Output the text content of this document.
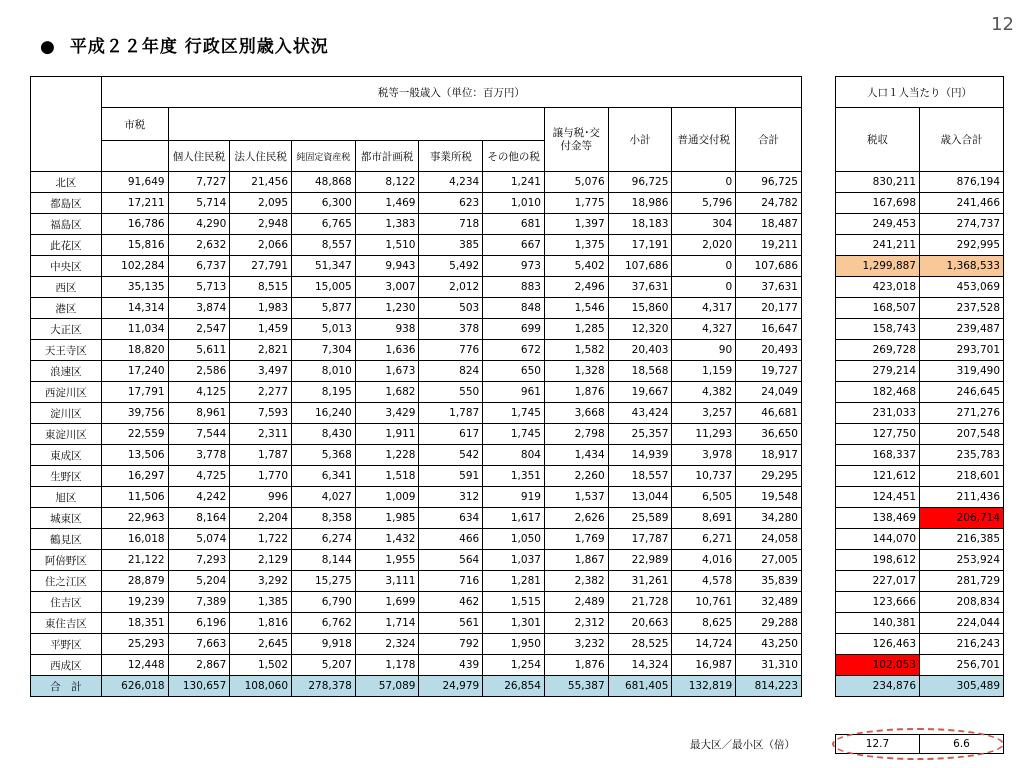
12
● 平成２２年度 行政区別歳入状況
	税等一般歳入（単位：百万円）										
	市税							譲与税･交付金等	小計	普通交付税	合計
		個人住民税	法人住民税	純固定資産税	都市計画税	事業所税	その他の税				
北区	91,649	7,727	21,456	48,868	8,122	4,234	1,241	5,076	96,725	0	96,725
都島区	17,211	5,714	2,095	6,300	1,469	623	1,010	1,775	18,986	5,796	24,782
福島区	16,786	4,290	2,948	6,765	1,383	718	681	1,397	18,183	304	18,487
此花区	15,816	2,632	2,066	8,557	1,510	385	667	1,375	17,191	2,020	19,211
中央区	102,284	6,737	27,791	51,347	9,943	5,492	973	5,402	107,686	0	107,686
西区	35,135	5,713	8,515	15,005	3,007	2,012	883	2,496	37,631	0	37,631
港区	14,314	3,874	1,983	5,877	1,230	503	848	1,546	15,860	4,317	20,177
大正区	11,034	2,547	1,459	5,013	938	378	699	1,285	12,320	4,327	16,647
天王寺区	18,820	5,611	2,821	7,304	1,636	776	672	1,582	20,403	90	20,493
浪速区	17,240	2,586	3,497	8,010	1,673	824	650	1,328	18,568	1,159	19,727
西淀川区	17,791	4,125	2,277	8,195	1,682	550	961	1,876	19,667	4,382	24,049
淀川区	39,756	8,961	7,593	16,240	3,429	1,787	1,745	3,668	43,424	3,257	46,681
東淀川区	22,559	7,544	2,311	8,430	1,911	617	1,745	2,798	25,357	11,293	36,650
東成区	13,506	3,778	1,787	5,368	1,228	542	804	1,434	14,939	3,978	18,917
生野区	16,297	4,725	1,770	6,341	1,518	591	1,351	2,260	18,557	10,737	29,295
旭区	11,506	4,242	996	4,027	1,009	312	919	1,537	13,044	6,505	19,548
城東区	22,963	8,164	2,204	8,358	1,985	634	1,617	2,626	25,589	8,691	34,280
鶴見区	16,018	5,074	1,722	6,274	1,432	466	1,050	1,769	17,787	6,271	24,058
阿倍野区	21,122	7,293	2,129	8,144	1,955	564	1,037	1,867	22,989	4,016	27,005
住之江区	28,879	5,204	3,292	15,275	3,111	716	1,281	2,382	31,261	4,578	35,839
住吉区	19,239	7,389	1,385	6,790	1,699	462	1,515	2,489	21,728	10,761	32,489
東住吉区	18,351	6,196	1,816	6,762	1,714	561	1,301	2,312	20,663	8,625	29,288
平野区	25,293	7,663	2,645	9,918	2,324	792	1,950	3,232	28,525	14,724	43,250
西成区	12,448	2,867	1,502	5,207	1,178	439	1,254	1,876	14,324	16,987	31,310
合　計	626,018	130,657	108,060	278,378	57,089	24,979	26,854	55,387	681,405	132,819	814,223
人口１人当たり（円）	
税収	歳入合計
830,211	876,194
167,698	241,466
249,453	274,737
241,211	292,995
1,299,887	1,368,533
423,018	453,069
168,507	237,528
158,743	239,487
269,728	293,701
279,214	319,490
182,468	246,645
231,033	271,276
127,750	207,548
168,337	235,783
121,612	218,601
124,451	211,436
138,469	206,714
144,070	216,385
198,612	253,924
227,017	281,729
123,666	208,834
140,381	224,044
126,463	216,243
102,053	256,701
234,876	305,489
最大区／最小区（倍）	12.7	6.6
